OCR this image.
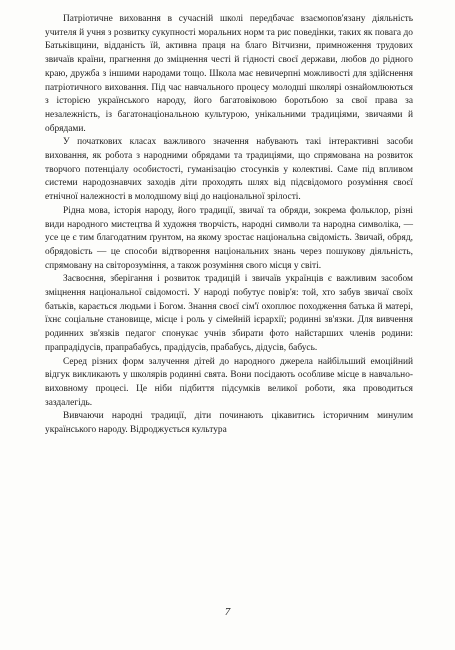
Патріотичне виховання в сучасній школі передбачає взаємопов'язану діяльність учителя й учня з розвитку сукупності моральних норм та рис поведінки, таких як повага до Батьківщини, відданість їй, активна праця на благо Вітчизни, примноження трудових звичаїв країни, прагнення до зміцнення честі й гідності своєї держави, любов до рідного краю, дружба з іншими народами тощо. Школа має невичерпні можливості для здійснення патріотичного виховання. Під час навчального процесу молодші школярі ознайомлюються з історією українського народу, його багатовіковою боротьбою за свої права за незалежність, із багатонаціональною культурою, унікальними традиціями, звичаями й обрядами.

У початкових класах важливого значення набувають такі інтерактивні засоби виховання, як робота з народними обрядами та традиціями, що спрямована на розвиток творчого потенціалу особистості, гуманізацію стосунків у колективі. Саме під впливом системи народознавчих заходів діти проходять шлях від підсвідомого розуміння своєї етнічної належності в молодшому віці до національної зрілості.

Рідна мова, історія народу, його традиції, звичаї та обряди, зокрема фольклор, різні види народного мистецтва й художня творчість, народні символи та народна символіка, — усе це є тим благодатним ґрунтом, на якому зростає національна свідомість. Звичай, обряд, обрядовість — це способи відтворення національних знань через пошукову діяльність, спрямовану на світорозуміння, а також розуміння свого місця у світі.

Засвоєння, зберігання і розвиток традицій і звичаїв українців є важливим засобом зміцнення національної свідомості. У народі побутує повір'я: той, хто забув звичаї своїх батьків, карається людьми і Богом. Знання своєї сім'ї охоплює походження батька й матері, їхнє соціальне становище, місце і роль у сімейній ієрархії; родинні зв'язки. Для вивчення родинних зв'язків педагог спонукає учнів збирати фото найстарших членів родини: прапрадідусів, прапрабабусь, прадідусів, прабабусь, дідусів, бабусь.

Серед різних форм залучення дітей до народного джерела найбільший емоційний відгук викликають у школярів родинні свята. Вони посідають особливе місце в навчально-виховному процесі. Це ніби підбиття підсумків великої роботи, яка проводиться заздалегідь.

Вивчаючи народні традиції, діти починають цікавитись історичним минулим українського народу. Відроджується культура

7
